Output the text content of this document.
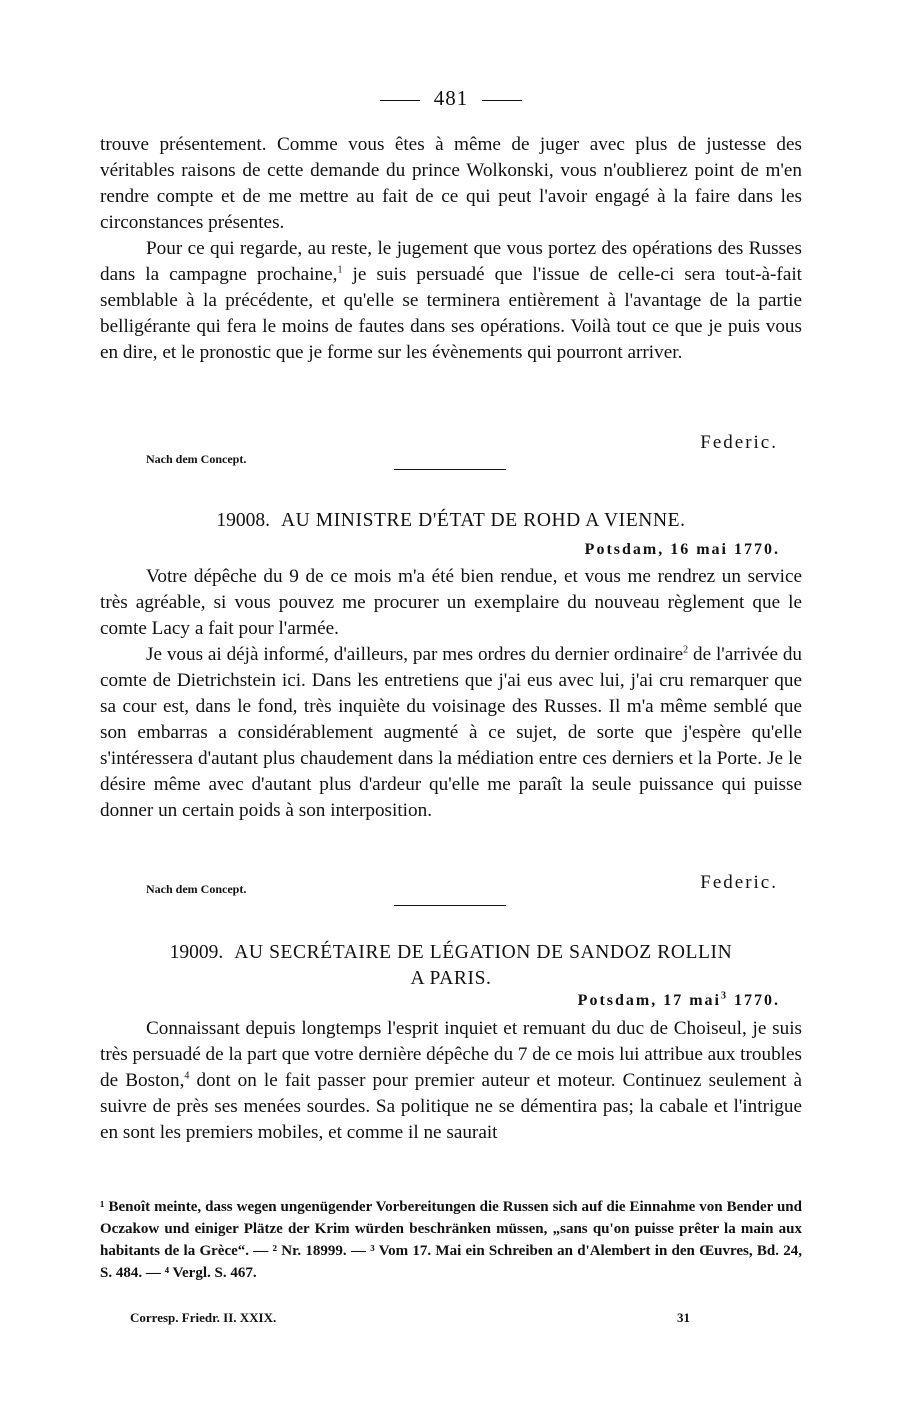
481

trouve présentement. Comme vous êtes à même de juger avec plus de justesse des véritables raisons de cette demande du prince Wolkonski, vous n'oublierez point de m'en rendre compte et de me mettre au fait de ce qui peut l'avoir engagé à la faire dans les circonstances présentes.

Pour ce qui regarde, au reste, le jugement que vous portez des opérations des Russes dans la campagne prochaine,$^1$ je suis persuadé que l'issue de celle-ci sera tout-à-fait semblable à la précédente, et qu'elle se terminera entièrement à l'avantage de la partie belligérante qui fera le moins de fautes dans ses opérations. Voilà tout ce que je puis vous en dire, et le pronostic que je forme sur les évènements qui pourront arriver.

Nach dem Concept.
Federic.
19008. AU MINISTRE D'ÉTAT DE ROHD A VIENNE.
Potsdam, 16 mai 1770.

Votre dépêche du 9 de ce mois m'a été bien rendue, et vous me rendrez un service très agréable, si vous pouvez me procurer un exemplaire du nouveau règlement que le comte Lacy a fait pour l'armée.

Je vous ai déjà informé, d'ailleurs, par mes ordres du dernier ordinaire$^2$ de l'arrivée du comte de Dietrichstein ici. Dans les entretiens que j'ai eus avec lui, j'ai cru remarquer que sa cour est, dans le fond, très inquiète du voisinage des Russes. Il m'a même semblé que son embarras a considérablement augmenté à ce sujet, de sorte que j'espère qu'elle s'intéressera d'autant plus chaudement dans la médiation entre ces derniers et la Porte. Je le désire même avec d'autant plus d'ardeur qu'elle me paraît la seule puissance qui puisse donner un certain poids à son interposition.

Nach dem Concept.	Federic.
19009. AU SECRÉTAIRE DE LÉGATION DE SANDOZ ROLLIN
A PARIS.
Potsdam, 17 mai$^3$ 1770.

Connaissant depuis longtemps l'esprit inquiet et remuant du duc de Choiseul, je suis très persuadé de la part que votre dernière dépêche du 7 de ce mois lui attribue aux troubles de Boston,$^4$ dont on le fait passer pour premier auteur et moteur. Continuez seulement à suivre de près ses menées sourdes. Sa politique ne se démentira pas; la cabale et l'intrigue en sont les premiers mobiles, et comme il ne saurait

¹ Benoît meinte, dass wegen ungenügender Vorbereitungen die Russen sich auf die Einnahme von Bender und Oczakow und einiger Plätze der Krim würden beschränken müssen, „sans qu'on puisse prêter la main aux habitants de la Grèce“. — ² Nr. 18999. — ³ Vom 17. Mai ein Schreiben an d'Alembert in den Œuvres, Bd. 24, S. 484. — ⁴ Vergl. S. 467.
Corresp. Friedr. II. XXIX.	31
